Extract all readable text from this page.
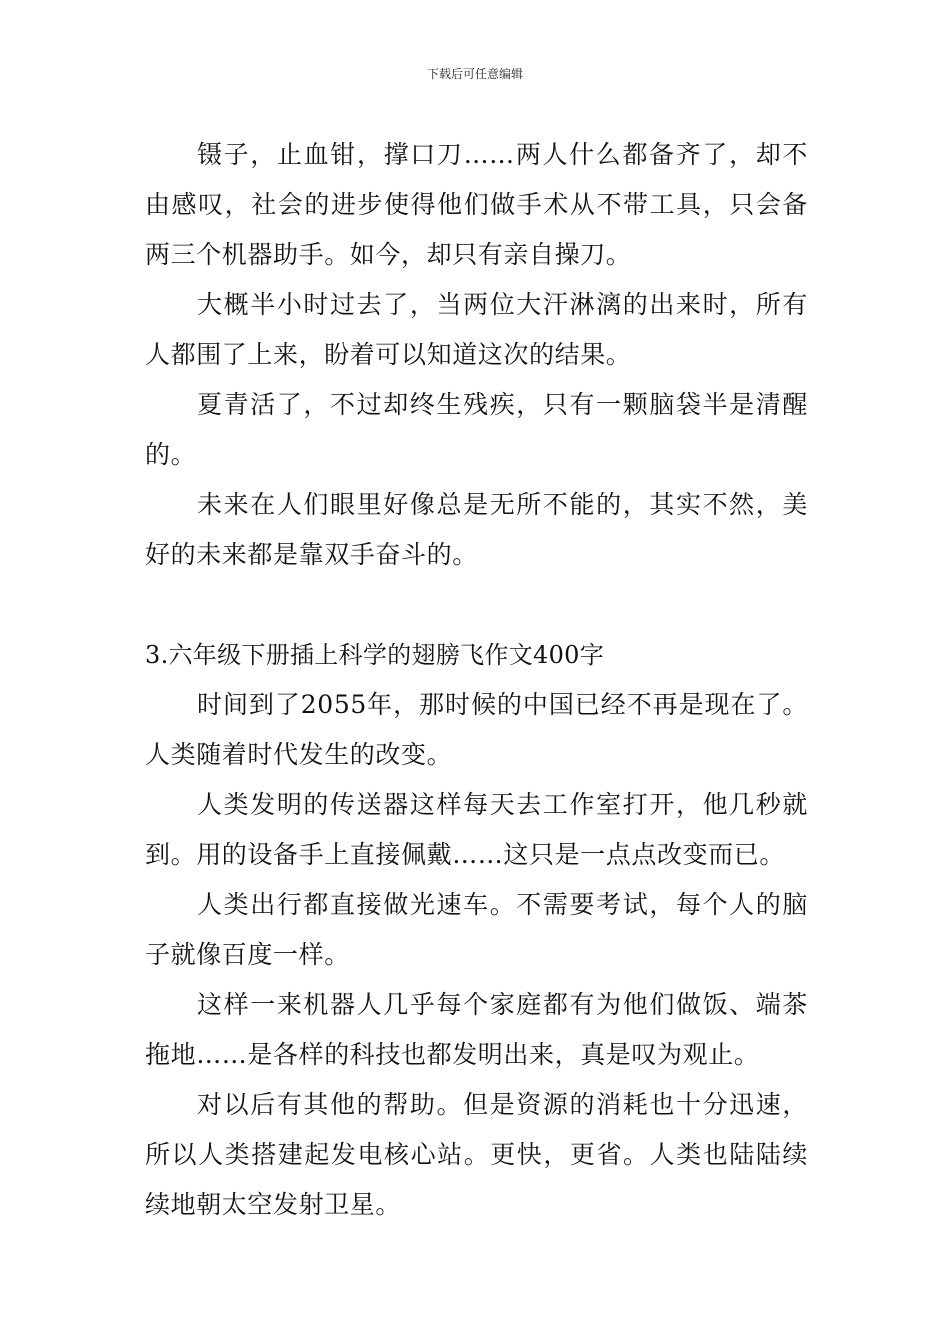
下载后可任意编辑

镊子，止血钳，撑口刀……两人什么都备齐了，却不由感叹，社会的进步使得他们做手术从不带工具，只会备两三个机器助手。如今，却只有亲自操刀。

大概半小时过去了，当两位大汗淋漓的出来时，所有人都围了上来，盼着可以知道这次的结果。

夏青活了，不过却终生残疾，只有一颗脑袋半是清醒的。

未来在人们眼里好像总是无所不能的，其实不然，美好的未来都是靠双手奋斗的。

3.六年级下册插上科学的翅膀飞作文400字

时间到了2055年，那时候的中国已经不再是现在了。人类随着时代发生的改变。

人类发明的传送器这样每天去工作室打开，他几秒就到。用的设备手上直接佩戴……这只是一点点改变而已。

人类出行都直接做光速车。不需要考试，每个人的脑子就像百度一样。

这样一来机器人几乎每个家庭都有为他们做饭、端茶拖地……是各样的科技也都发明出来，真是叹为观止。

对以后有其他的帮助。但是资源的消耗也十分迅速，所以人类搭建起发电核心站。更快，更省。人类也陆陆续续地朝太空发射卫星。
